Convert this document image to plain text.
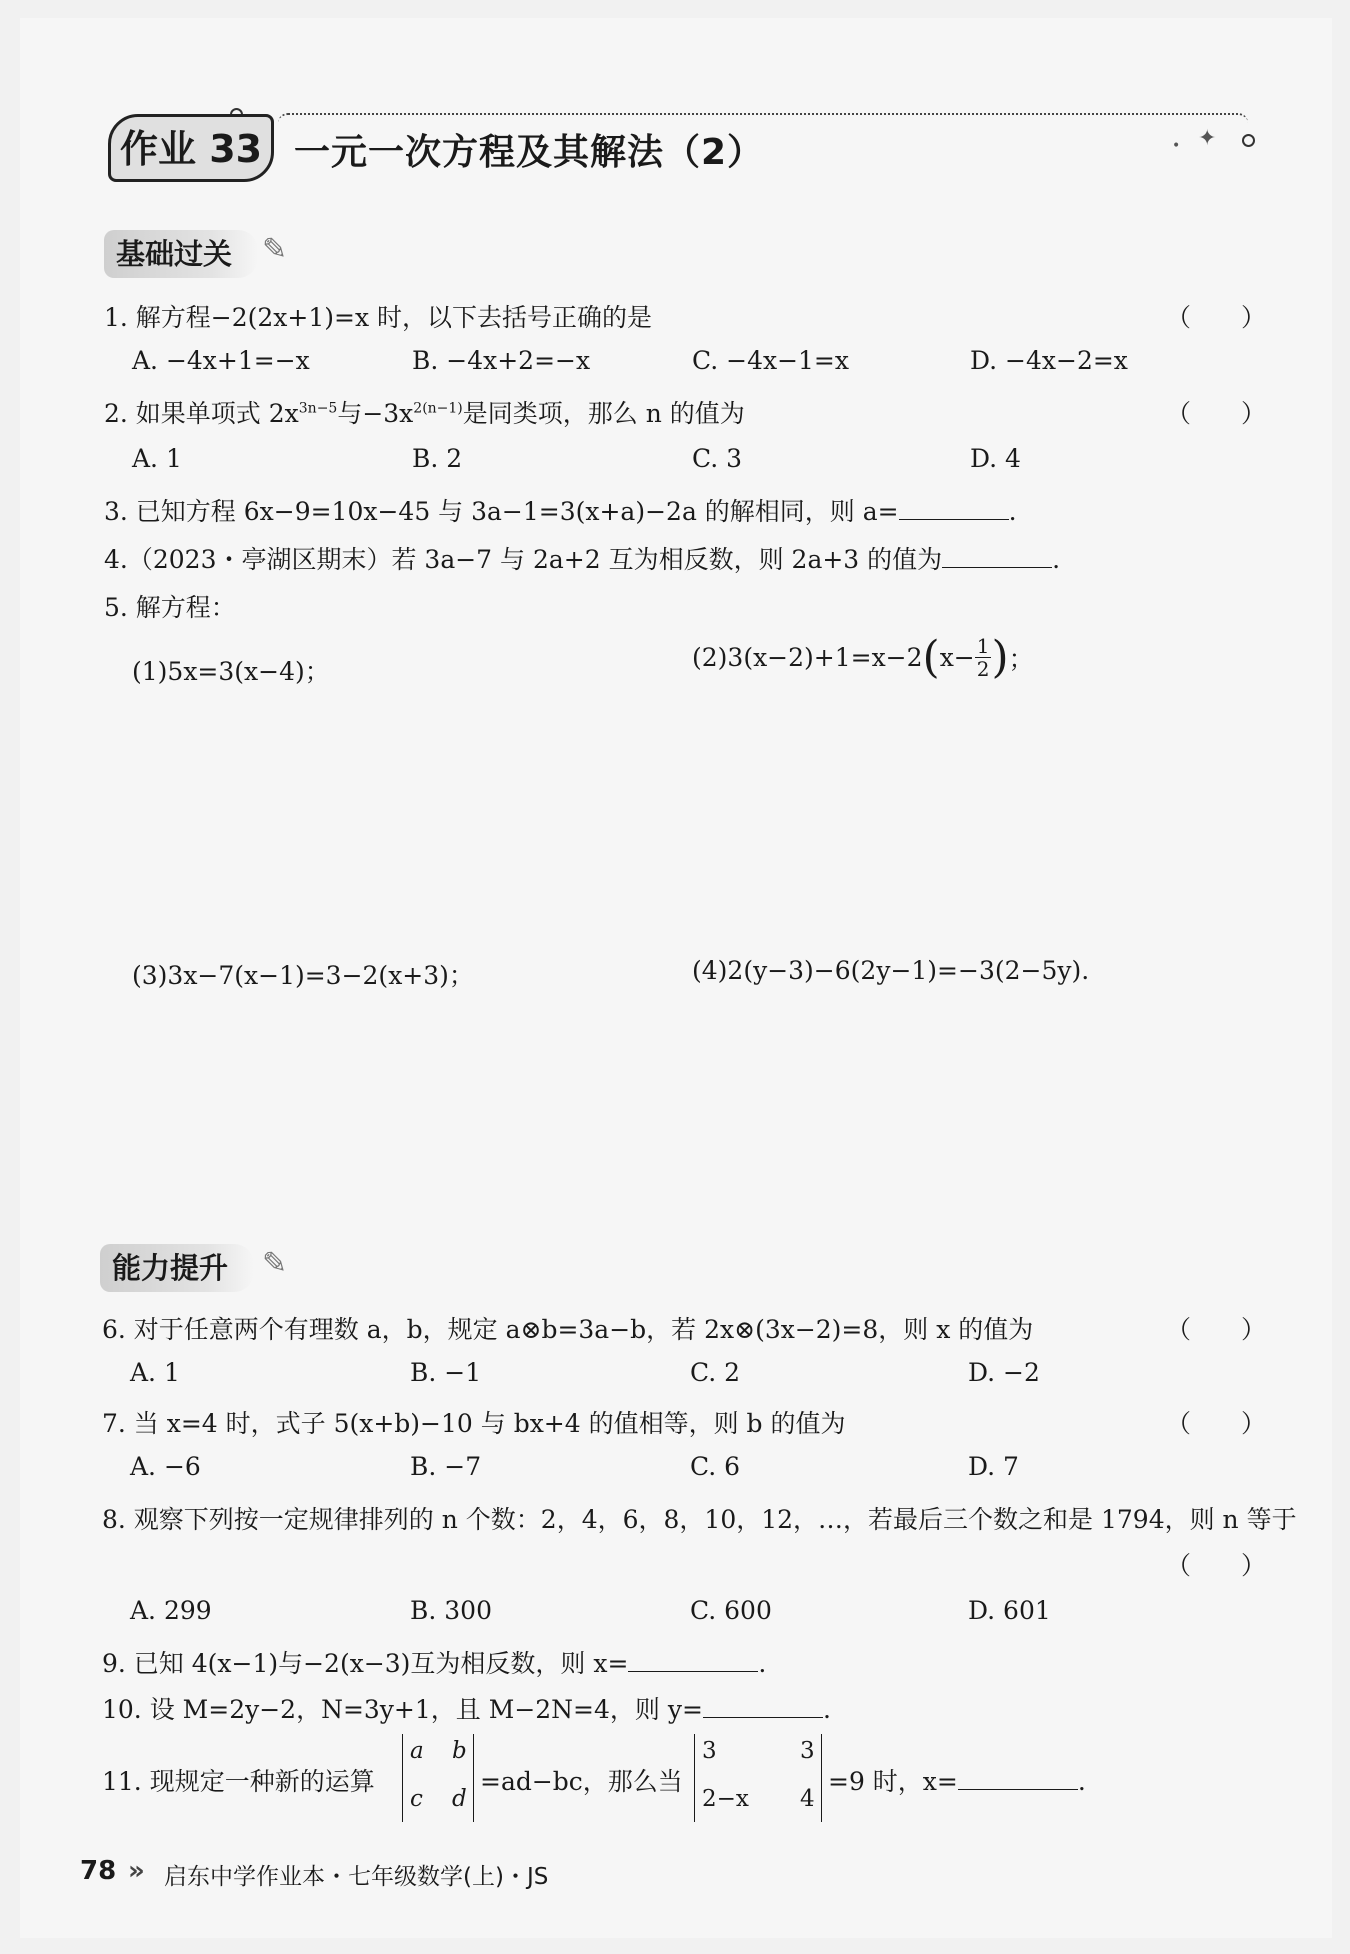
✦
•
作业 33 一元一次方程及其解法（2）
基础过关 ✎
1. 解方程−2(2x+1)=x 时，以下去括号正确的是	（　　）
A. −4x+1=−x	B. −4x+2=−x	C. −4x−1=x	D. −4x−2=x
2. 如果单项式 $2x^{3n-5}$与$-3x^{2(n-1)}$是同类项，那么 n 的值为	（　　）
A. 1	B. 2	C. 3	D. 4
3. 已知方程 6x−9=10x−45 与 3a−1=3(x+a)−2a 的解相同，则 a=	.
4.（2023・亭湖区期末）若 3a−7 与 2a+2 互为相反数，则 2a+3 的值为	.
5. 解方程：
(1)5x=3(x−4)；	$(2)3(x-2)+1=x-2(x- \frac{1}{2}$ )；
(3)3x−7(x−1)=3−2(x+3)；	(4)2(y−3)−6(2y−1)=−3(2−5y).
能力提升	✎
6. 对于任意两个有理数 a，b，规定 a⊗b=3a−b，若 2x⊗(3x−2)=8，则 x 的值为	（　　）
A. 1	B. −1	C. 2	D. −2
7. 当 x=4 时，式子 5(x+b)−10 与 bx+4 的值相等，则 b 的值为	（　　）
A. −6	B. −7	C. 6	D. 7
8. 观察下列按一定规律排列的 n 个数：2，4，6，8，10，12，…，若最后三个数之和是 1794，则 n 等于
（　　）
A. 299	B. 300	C. 600	D. 601
9. 已知 4(x−1)与−2(x−3)互为相反数，则 x=	.
10. 设 M=2y−2，N=3y+1，且 M−2N=4，则 y=	.
11. 现规定一种新的运算
a b
c d
=ad−bc，那么当
3	3
2−x 4
=9 时，x=	.
78 » 启东中学作业本・七年级数学(上)・JS
